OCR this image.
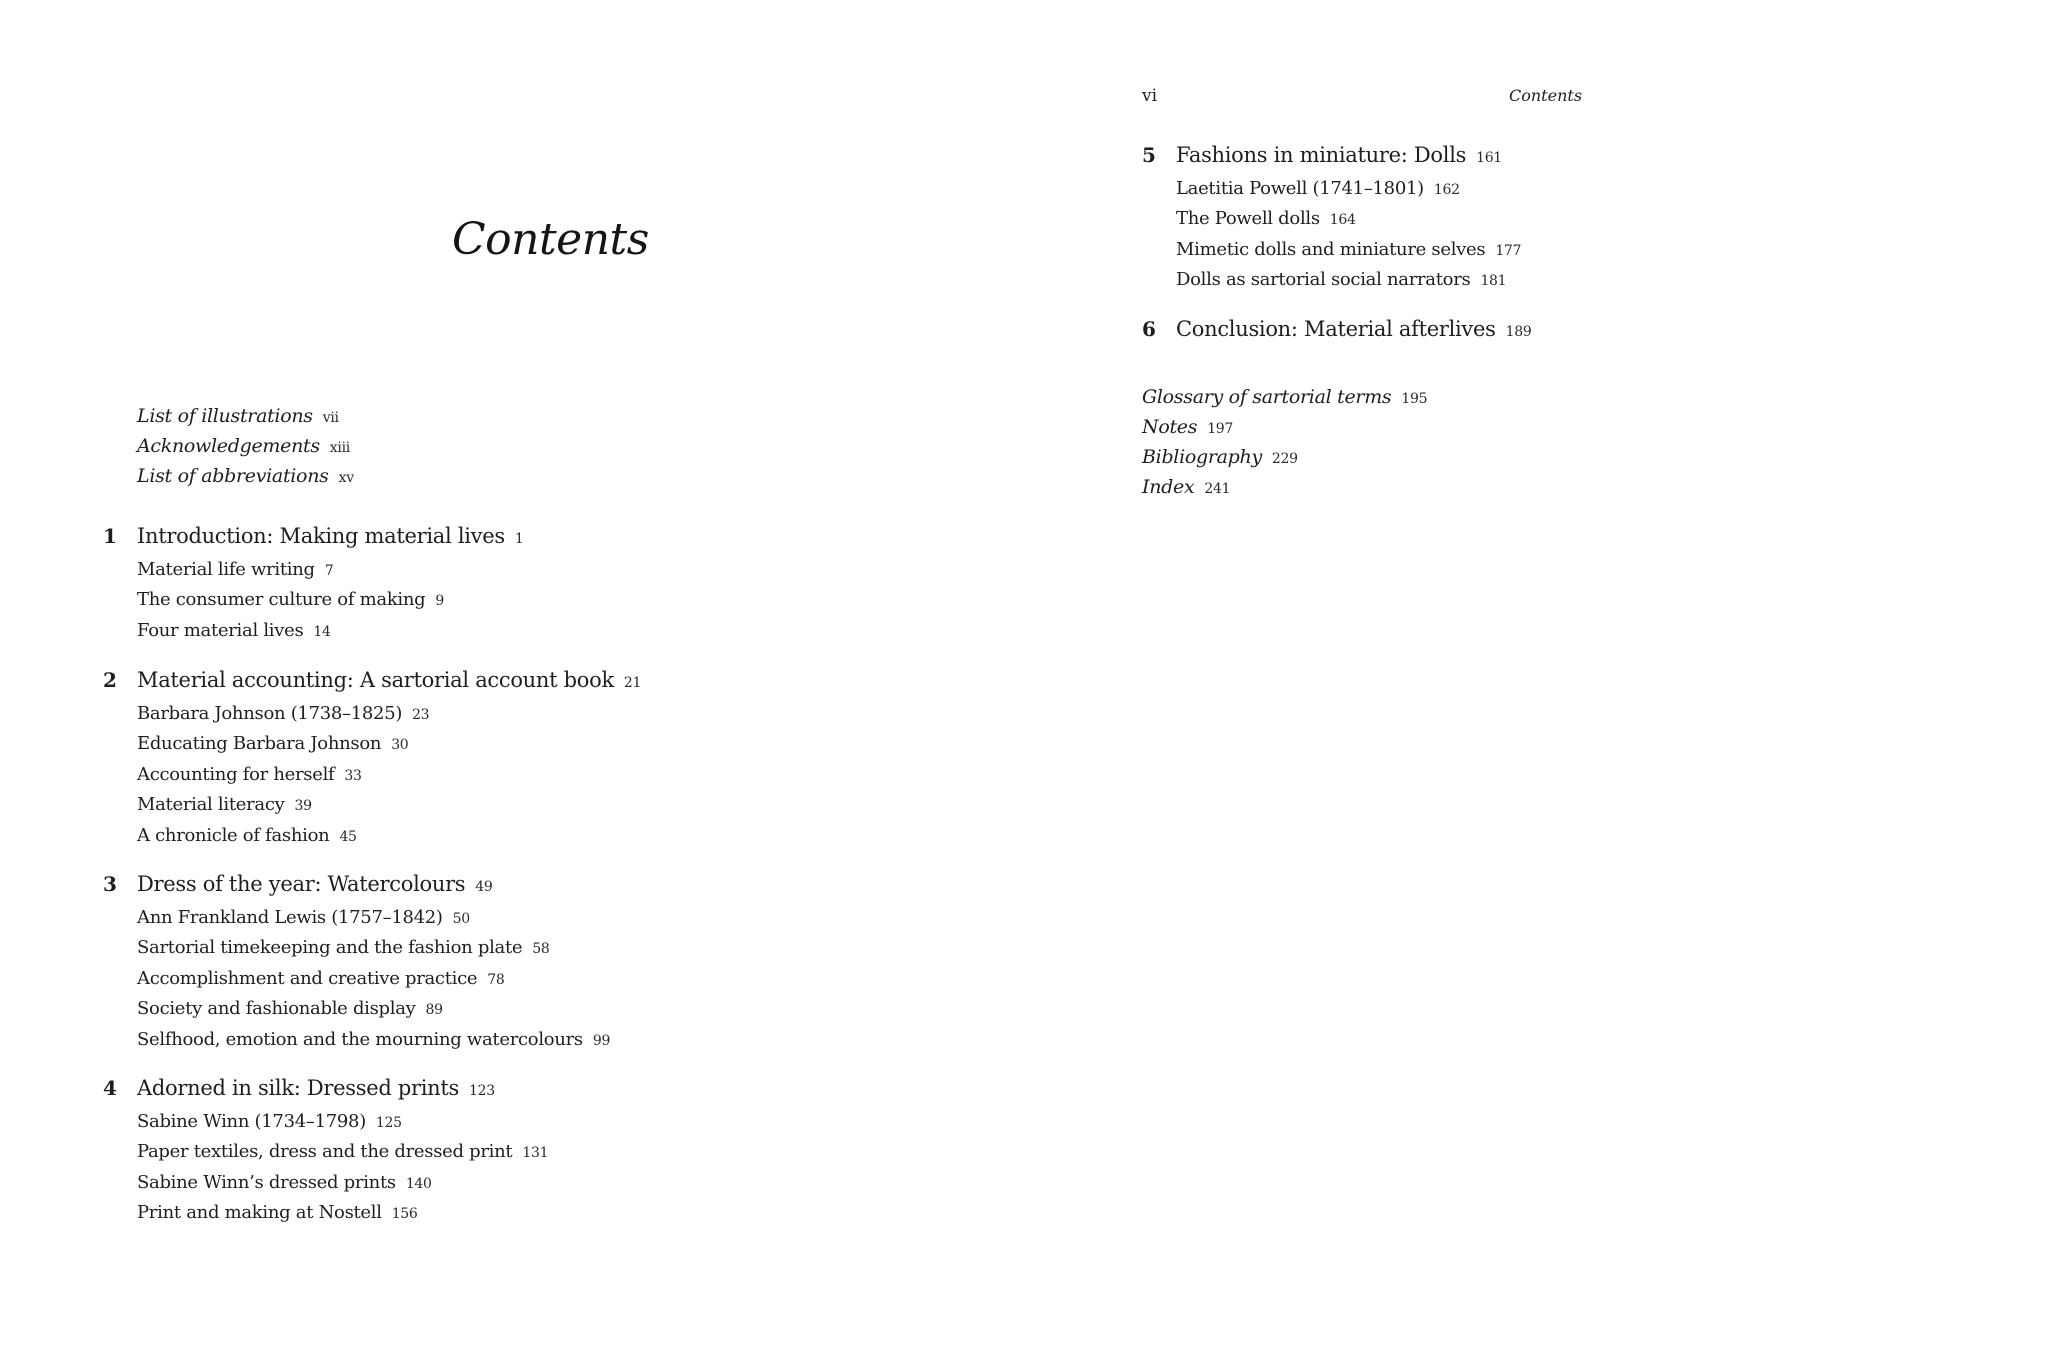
Contents
List of illustrations vii
Acknowledgements xiii
List of abbreviations xv
1 Introduction: Making material lives 1
Material life writing 7
The consumer culture of making 9
Four material lives 14
2 Material accounting: A sartorial account book 21
Barbara Johnson (1738–1825) 23
Educating Barbara Johnson 30
Accounting for herself 33
Material literacy 39
A chronicle of fashion 45
3 Dress of the year: Watercolours 49
Ann Frankland Lewis (1757–1842) 50
Sartorial timekeeping and the fashion plate 58
Accomplishment and creative practice 78
Society and fashionable display 89
Selfhood, emotion and the mourning watercolours 99
4 Adorned in silk: Dressed prints 123
Sabine Winn (1734–1798) 125
Paper textiles, dress and the dressed print 131
Sabine Winn’s dressed prints 140
Print and making at Nostell 156
vi	Contents
5 Fashions in miniature: Dolls 161
Laetitia Powell (1741–1801) 162
The Powell dolls 164
Mimetic dolls and miniature selves 177
Dolls as sartorial social narrators 181
6 Conclusion: Material afterlives 189
Glossary of sartorial terms 195
Notes 197
Bibliography 229
Index 241
